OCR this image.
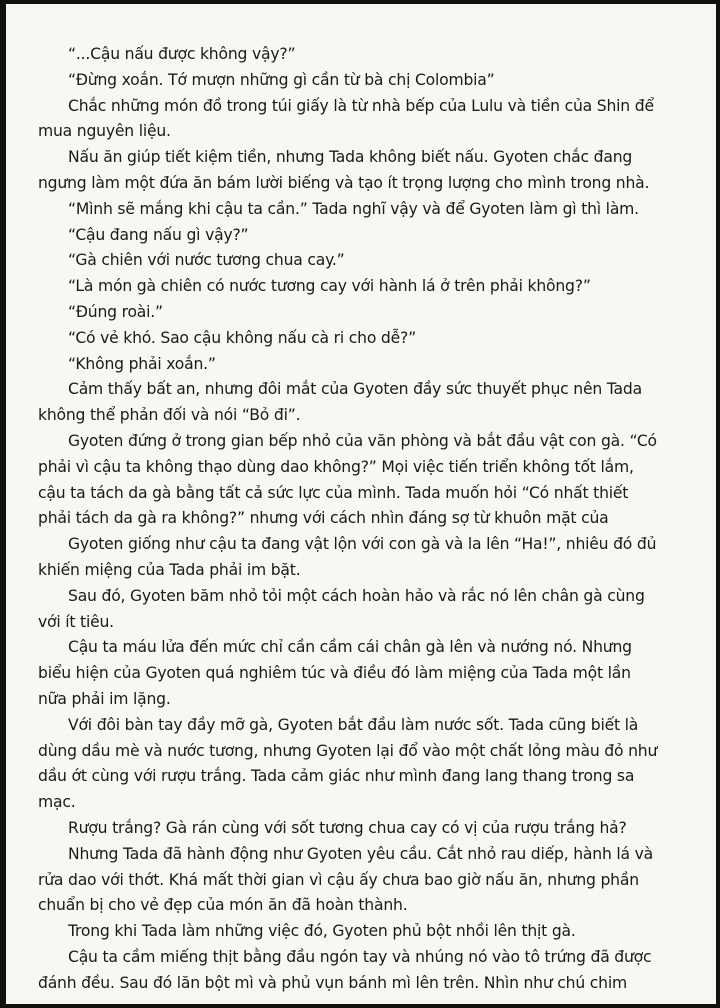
“...Cậu nấu được không vậy?”
“Đừng xoắn. Tớ mượn những gì cần từ bà chị Colombia”
Chắc những món đồ trong túi giấy là từ nhà bếp của Lulu và tiền của Shin để
mua nguyên liệu.
Nấu ăn giúp tiết kiệm tiền, nhưng Tada không biết nấu. Gyoten chắc đang
ngưng làm một đứa ăn bám lười biếng và tạo ít trọng lượng cho mình trong nhà.
“Mình sẽ mắng khi cậu ta cần.” Tada nghĩ vậy và để Gyoten làm gì thì làm.
“Cậu đang nấu gì vậy?”
“Gà chiên với nước tương chua cay.”
“Là món gà chiên có nước tương cay với hành lá ở trên phải không?”
“Đúng roài.”
“Có vẻ khó. Sao cậu không nấu cà ri cho dễ?”
“Không phải xoắn.”
Cảm thấy bất an, nhưng đôi mắt của Gyoten đầy sức thuyết phục nên Tada
không thể phản đối và nói “Bỏ đi”.
Gyoten đứng ở trong gian bếp nhỏ của văn phòng và bắt đầu vật con gà. “Có
phải vì cậu ta không thạo dùng dao không?” Mọi việc tiến triển không tốt lắm,
cậu ta tách da gà bằng tất cả sức lực của mình. Tada muốn hỏi “Có nhất thiết
phải tách da gà ra không?” nhưng với cách nhìn đáng sợ từ khuôn mặt của
Gyoten giống như cậu ta đang vật lộn với con gà và la lên “Ha!”, nhiêu đó đủ
khiến miệng của Tada phải im bặt.
Sau đó, Gyoten băm nhỏ tỏi một cách hoàn hảo và rắc nó lên chân gà cùng
với ít tiêu.
Cậu ta máu lửa đến mức chỉ cần cầm cái chân gà lên và nướng nó. Nhưng
biểu hiện của Gyoten quá nghiêm túc và điều đó làm miệng của Tada một lần
nữa phải im lặng.
Với đôi bàn tay đầy mỡ gà, Gyoten bắt đầu làm nước sốt. Tada cũng biết là
dùng dầu mè và nước tương, nhưng Gyoten lại đổ vào một chất lỏng màu đỏ như
dầu ớt cùng với rượu trắng. Tada cảm giác như mình đang lang thang trong sa
mạc.
Rượu trắng? Gà rán cùng với sốt tương chua cay có vị của rượu trắng hả?
Nhưng Tada đã hành động như Gyoten yêu cầu. Cắt nhỏ rau diếp, hành lá và
rửa dao với thớt. Khá mất thời gian vì cậu ấy chưa bao giờ nấu ăn, nhưng phần
chuẩn bị cho vẻ đẹp của món ăn đã hoàn thành.
Trong khi Tada làm những việc đó, Gyoten phủ bột nhồi lên thịt gà.
Cậu ta cầm miếng thịt bằng đầu ngón tay và nhúng nó vào tô trứng đã được
đánh đều. Sau đó lăn bột mì và phủ vụn bánh mì lên trên. Nhìn như chú chim
